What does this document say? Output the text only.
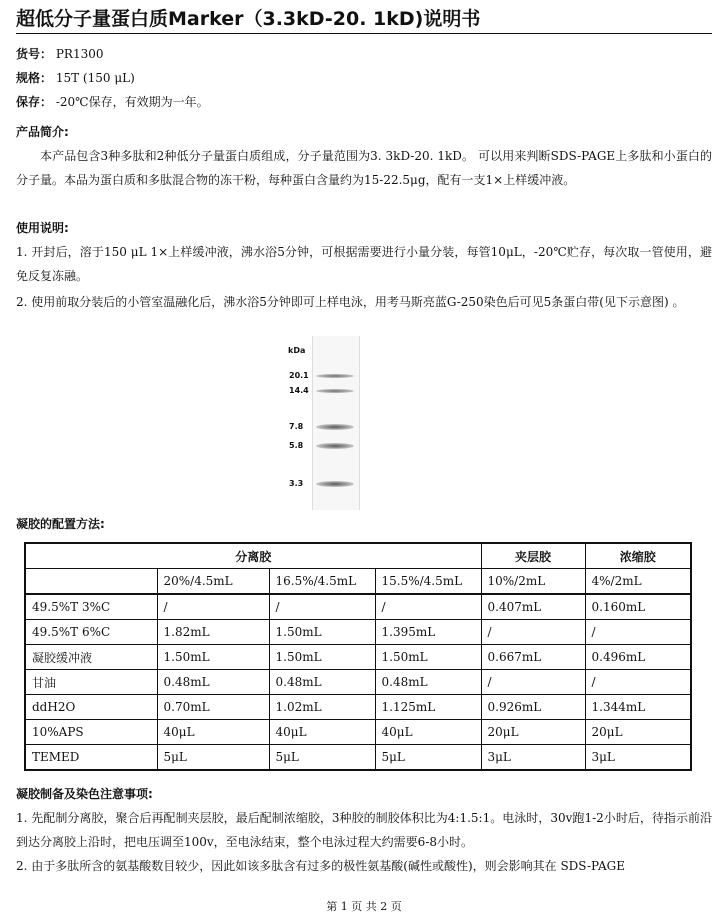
超低分子量蛋白质Marker（3.3kD-20. 1kD)说明书
货号： PR1300
规格： 15T (150 μL)
保存： -20℃保存，有效期为一年。
产品简介:

本产品包含3种多肽和2种低分子量蛋白质组成，分子量范围为3. 3kD-20. 1kD。 可以用来判断SDS-PAGE上多肽和小蛋白的分子量。本品为蛋白质和多肽混合物的冻干粉，每种蛋白含量约为15-22.5μg，配有一支1×上样缓冲液。

使用说明:

1. 开封后，溶于150 μL 1×上样缓冲液，沸水浴5分钟，可根据需要进行小量分装，每管10μL，-20℃贮存，每次取一管使用，避免反复冻融。

2. 使用前取分装后的小管室温融化后，沸水浴5分钟即可上样电泳，用考马斯亮蓝G-250染色后可见5条蛋白带(见下示意图) 。

kDa
20.1
14.4
7.8
5.8
3.3
凝胶的配置方法:
分离胶				夹层胶	浓缩胶
	20%/4.5mL	16.5%/4.5mL	15.5%/4.5mL	10%/2mL	4%/2mL
49.5%T 3%C	/	/	/	0.407mL	0.160mL
49.5%T 6%C	1.82mL	1.50mL	1.395mL	/	/
凝胶缓冲液	1.50mL	1.50mL	1.50mL	0.667mL	0.496mL
甘油	0.48mL	0.48mL	0.48mL	/	/
ddH2O	0.70mL	1.02mL	1.125mL	0.926mL	1.344mL
10%APS	40μL	40μL	40μL	20μL	20μL
TEMED	5μL	5μL	5μL	3μL	3μL
凝胶制备及染色注意事项:

1. 先配制分离胶，聚合后再配制夹层胶，最后配制浓缩胶，3种胶的制胶体积比为4:1.5:1。电泳时，30v跑1-2小时后，待指示前沿到达分离胶上沿时，把电压调至100v，至电泳结束，整个电泳过程大约需要6-8小时。

2. 由于多肽所含的氨基酸数目较少，因此如该多肽含有过多的极性氨基酸(碱性或酸性)，则会影响其在 SDS-PAGE

第 1 页 共 2 页
